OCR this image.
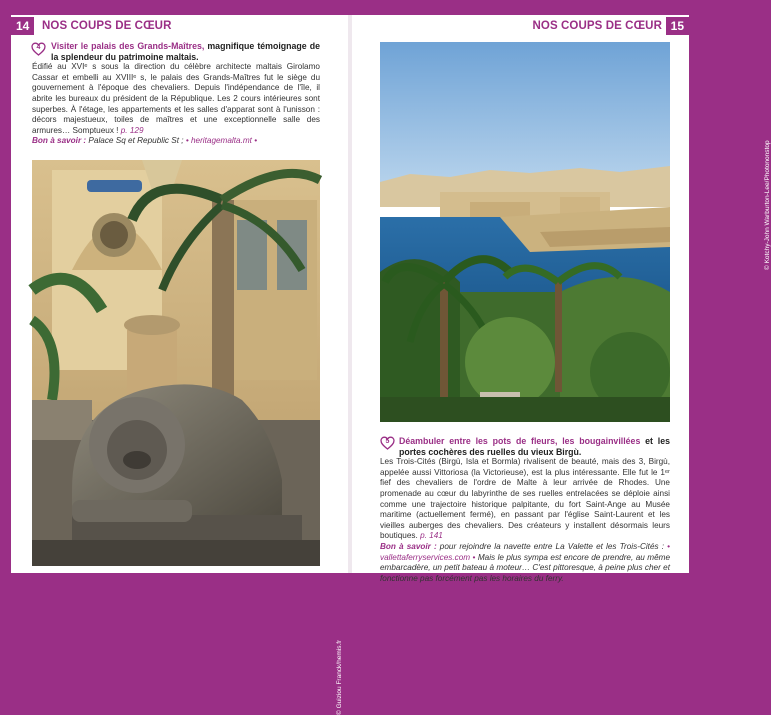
14	NOS COUPS DE CŒUR
4	Visiter le palais des Grands-Maîtres, magnifique témoignage de la splendeur du patrimoine maltais.

Édifié au XVIᵉ s sous la direction du célèbre architecte maltais Girolamo Cassar et embelli au XVIIIᵉ s, le palais des Grands-Maîtres fut le siège du gouvernement à l'époque des chevaliers. Depuis l'indépendance de l'île, il abrite les bureaux du président de la République. Les 2 cours intérieures sont superbes. À l'étage, les appartements et les salles d'apparat sont à l'unisson : décors majestueux, toiles de maîtres et une exceptionnelle salle des armures… Somptueux ! p. 129

Bon à savoir : Palace Sq et Republic St ; • heritagemalta.mt •

© Guiziou Franck/hemis.fr
15
NOS COUPS DE CŒUR
© Kotchy-John Warburton-Lee/Photononstop
5	Déambuler entre les pots de fleurs, les bougainvillées et les portes cochères des ruelles du vieux Birgù.

Les Trois-Cités (Birgù, Isla et Bormla) rivalisent de beauté, mais des 3, Birgù, appelée aussi Vittoriosa (la Victorieuse), est la plus intéressante. Elle fut le 1ᵉʳ fief des chevaliers de l'ordre de Malte à leur arrivée de Rhodes. Une promenade au cœur du labyrinthe de ses ruelles entrelacées se déploie ainsi comme une trajectoire historique palpitante, du fort Saint-Ange au Musée maritime (actuellement fermé), en passant par l'église Saint-Laurent et les vieilles auberges des chevaliers. Des créateurs y installent désormais leurs boutiques. p. 141

Bon à savoir : pour rejoindre la navette entre La Valette et les Trois-Cités : • vallettaferryservices.com • Mais le plus sympa est encore de prendre, au même embarcadère, un petit bateau à moteur… C'est pittoresque, à peine plus cher et fonctionne pas forcément pas les horaires du ferry.
